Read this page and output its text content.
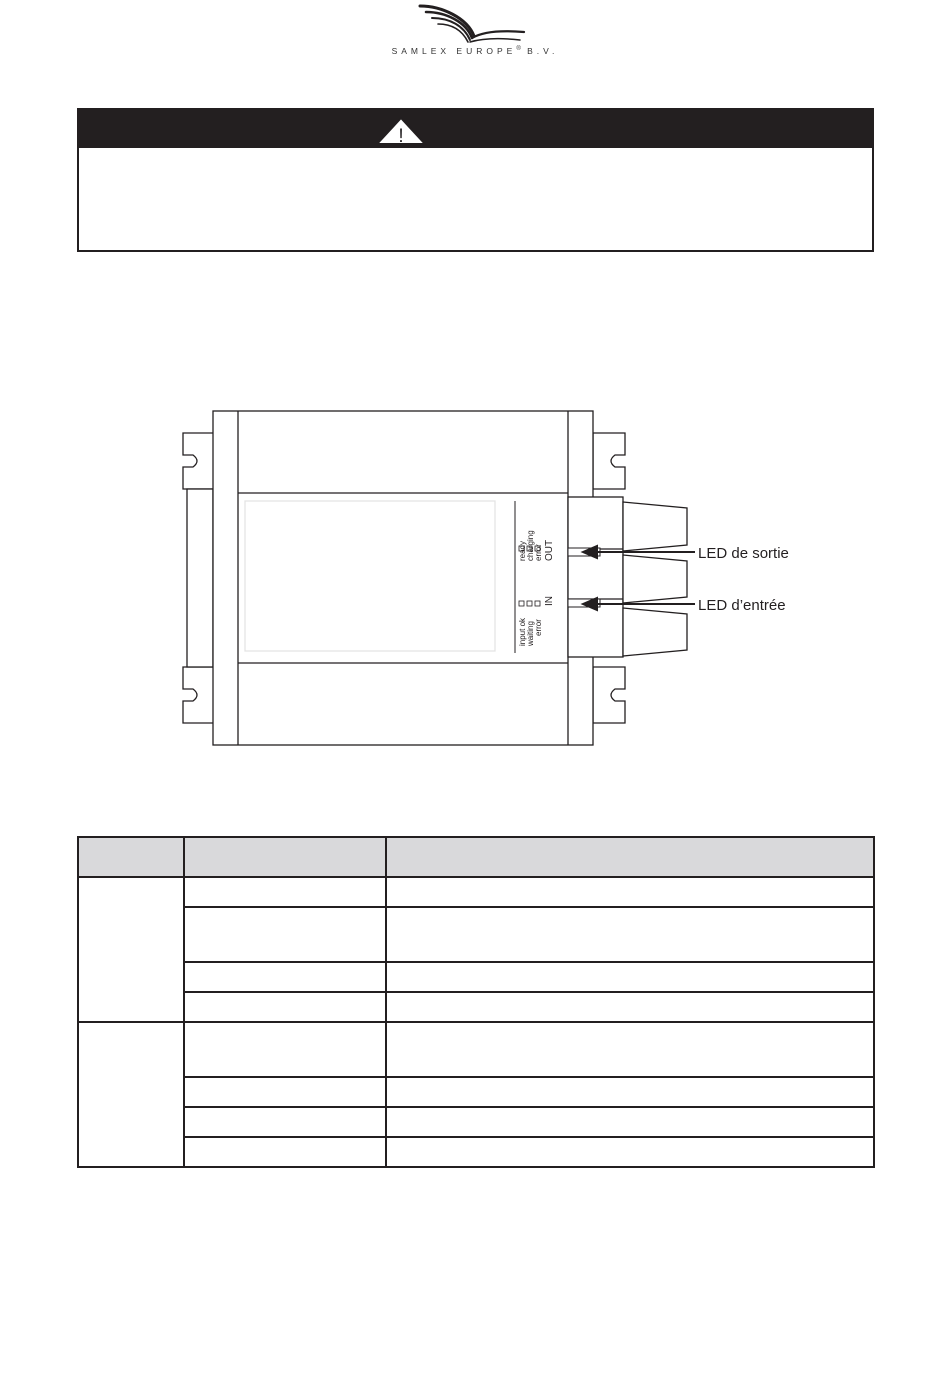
SAMLEX EUROPE® B.V.
!
ready charging error OUT
input ok waiting error
IN
LED de sortie
LED d’entrée
